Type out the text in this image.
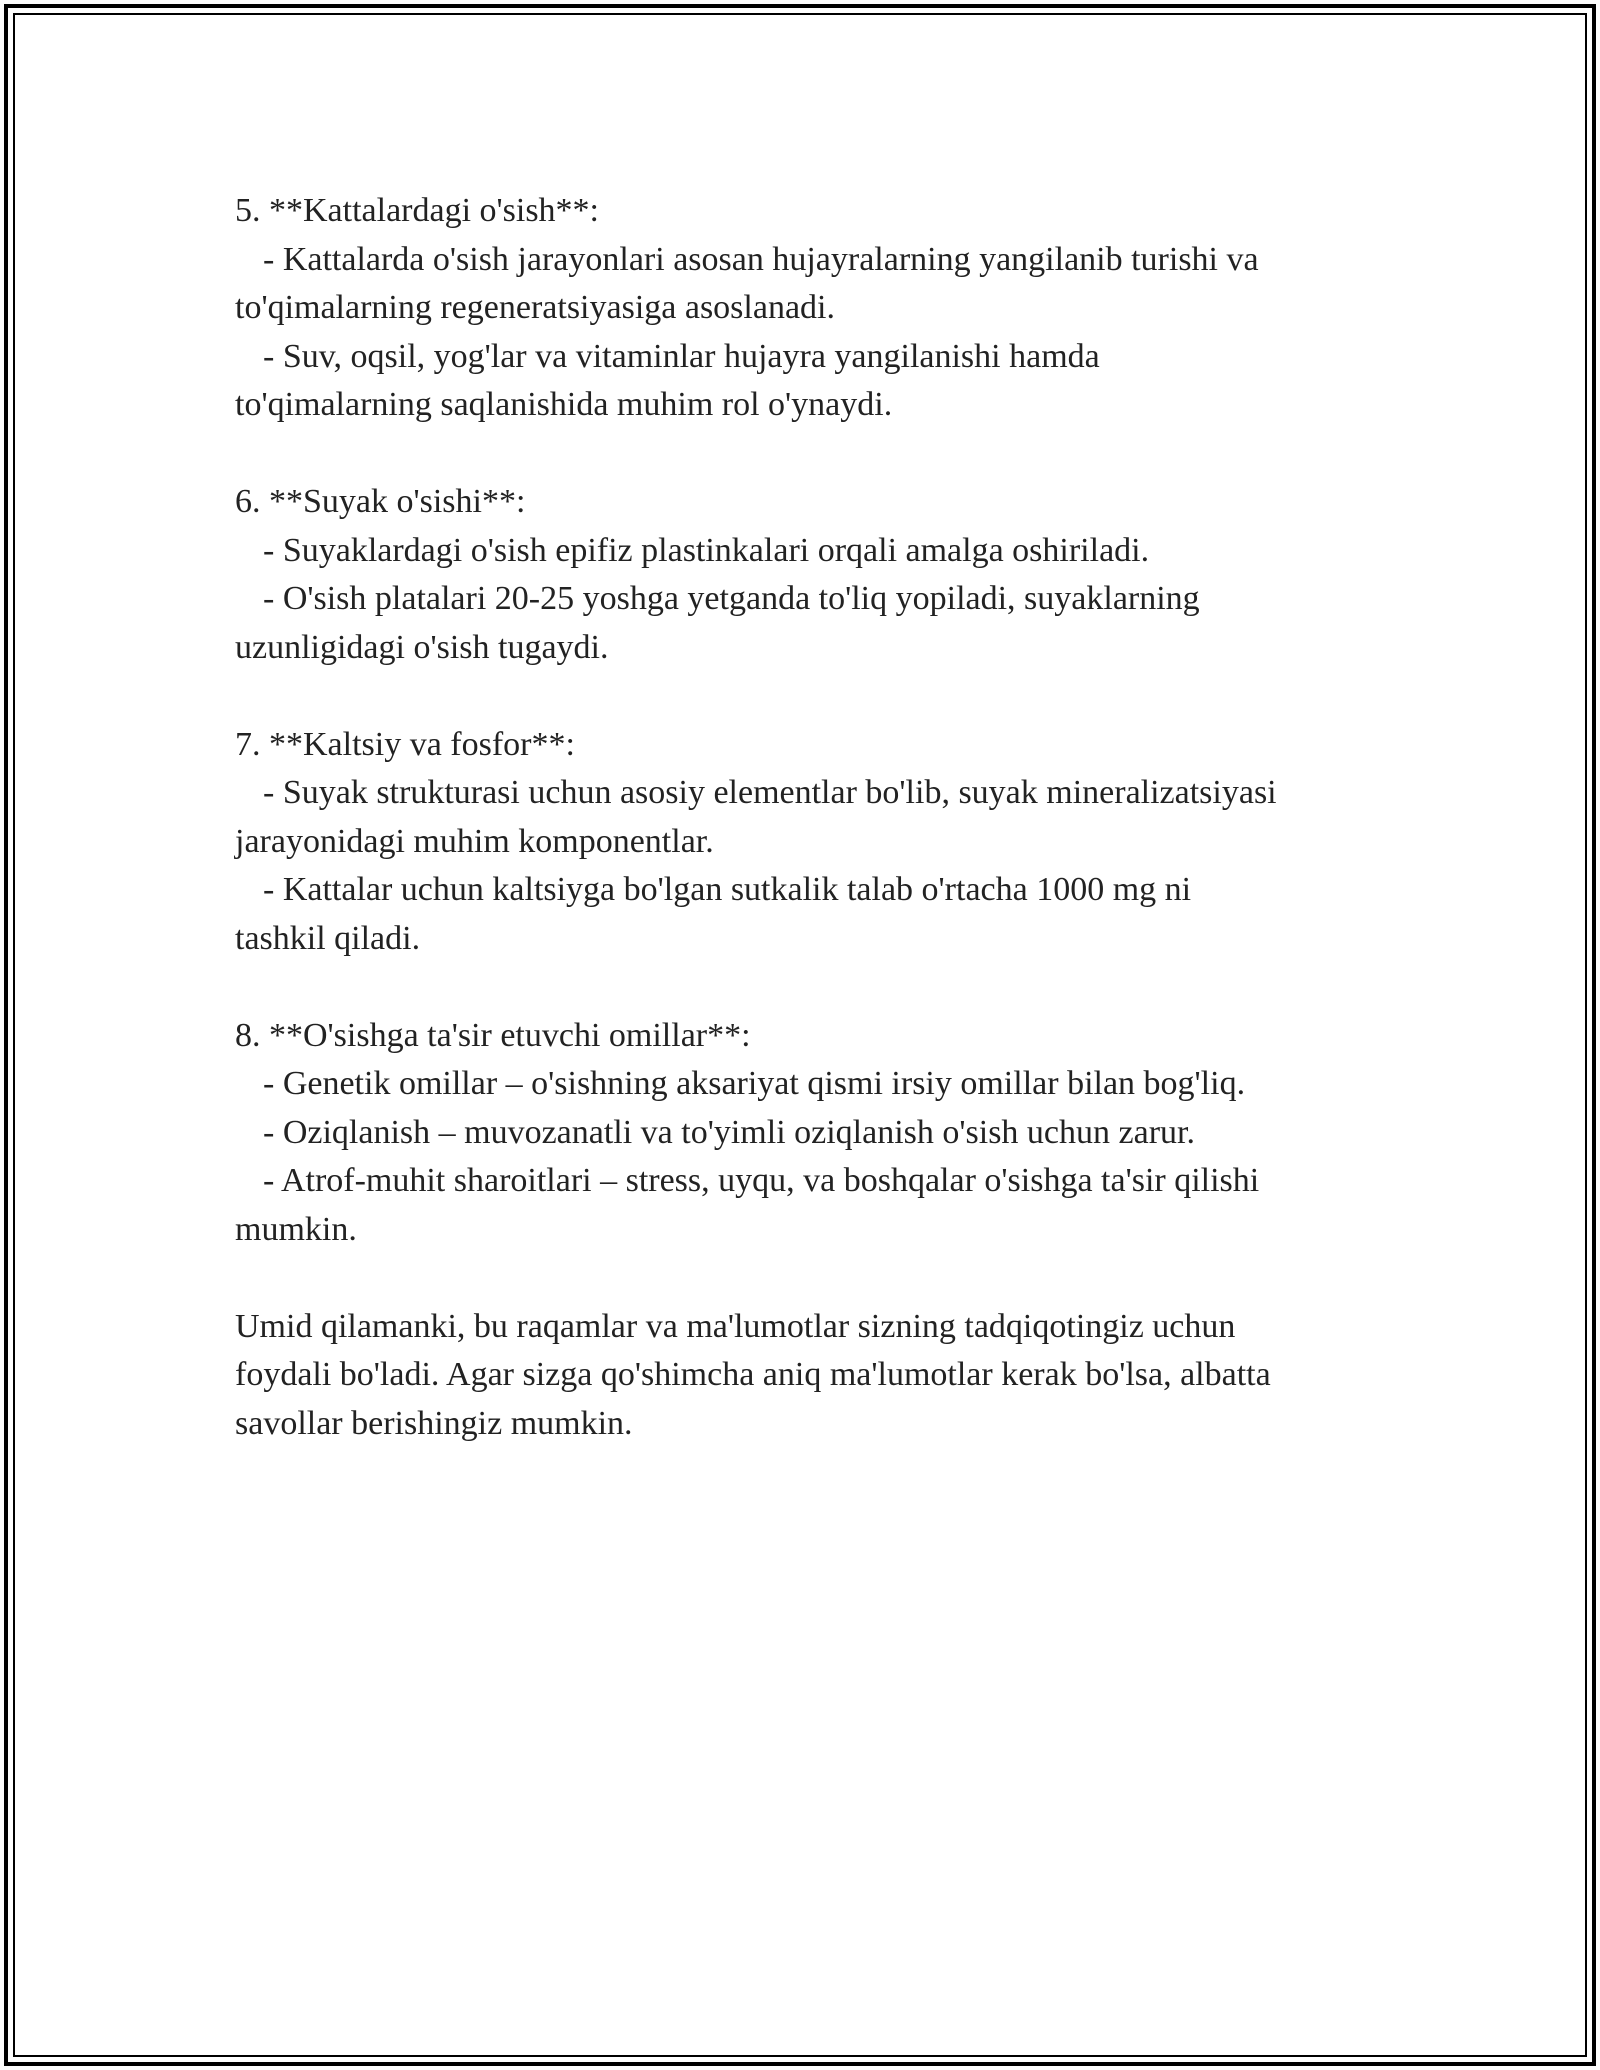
5. **Kattalardagi o'sish**:

- Kattalarda o'sish jarayonlari asosan hujayralarning yangilanib turishi va

to'qimalarning regeneratsiyasiga asoslanadi.

- Suv, oqsil, yog'lar va vitaminlar hujayra yangilanishi hamda

to'qimalarning saqlanishida muhim rol o'ynaydi.

6. **Suyak o'sishi**:

- Suyaklardagi o'sish epifiz plastinkalari orqali amalga oshiriladi.

- O'sish platalari 20-25 yoshga yetganda to'liq yopiladi, suyaklarning

uzunligidagi o'sish tugaydi.

7. **Kaltsiy va fosfor**:

- Suyak strukturasi uchun asosiy elementlar bo'lib, suyak mineralizatsiyasi

jarayonidagi muhim komponentlar.

- Kattalar uchun kaltsiyga bo'lgan sutkalik talab o'rtacha 1000 mg ni

tashkil qiladi.

8. **O'sishga ta'sir etuvchi omillar**:

- Genetik omillar – o'sishning aksariyat qismi irsiy omillar bilan bog'liq.

- Oziqlanish – muvozanatli va to'yimli oziqlanish o'sish uchun zarur.

- Atrof-muhit sharoitlari – stress, uyqu, va boshqalar o'sishga ta'sir qilishi

mumkin.

Umid qilamanki, bu raqamlar va ma'lumotlar sizning tadqiqotingiz uchun

foydali bo'ladi. Agar sizga qo'shimcha aniq ma'lumotlar kerak bo'lsa, albatta

savollar berishingiz mumkin.
